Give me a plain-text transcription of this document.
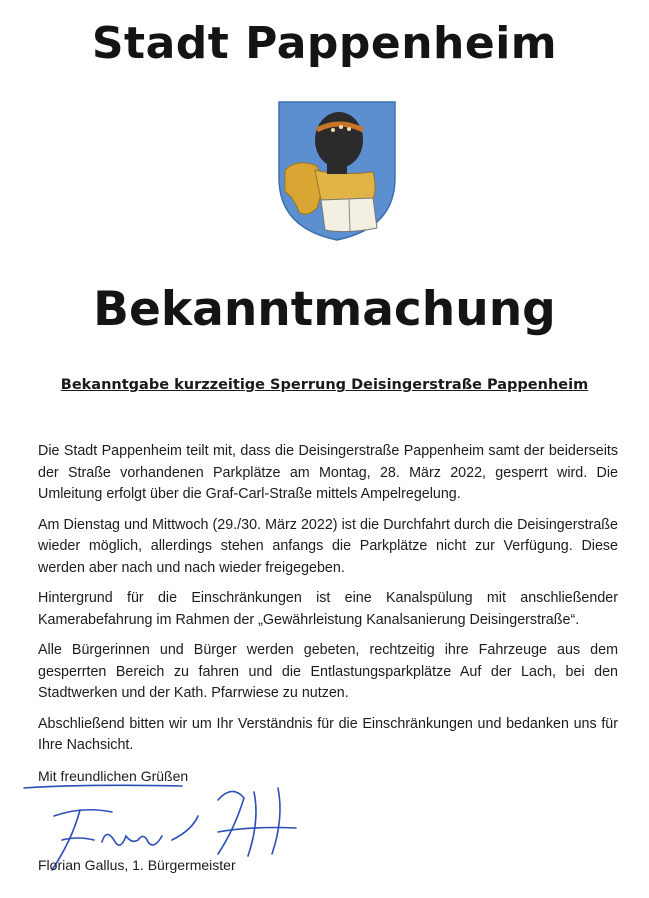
Stadt Pappenheim
Bekanntmachung
Bekanntgabe kurzzeitige Sperrung Deisingerstraße Pappenheim

Die Stadt Pappenheim teilt mit, dass die Deisingerstraße Pappenheim samt der beiderseits der Straße vorhandenen Parkplätze am Montag, 28. März 2022, gesperrt wird. Die Umleitung erfolgt über die Graf-Carl-Straße mittels Ampelregelung.

Am Dienstag und Mittwoch (29./30. März 2022) ist die Durchfahrt durch die Deisingerstraße wieder möglich, allerdings stehen anfangs die Parkplätze nicht zur Verfügung. Diese werden aber nach und nach wieder freigegeben.

Hintergrund für die Einschränkungen ist eine Kanalspülung mit anschließender Kamerabefahrung im Rahmen der „Gewährleistung Kanalsanierung Deisingerstraße“.

Alle Bürgerinnen und Bürger werden gebeten, rechtzeitig ihre Fahrzeuge aus dem gesperrten Bereich zu fahren und die Entlastungsparkplätze Auf der Lach, bei den Stadtwerken und der Kath. Pfarrwiese zu nutzen.

Abschließend bitten wir um Ihr Verständnis für die Einschränkungen und bedanken uns für Ihre Nachsicht.

Mit freundlichen Grüßen
Florian Gallus, 1. Bürgermeister
